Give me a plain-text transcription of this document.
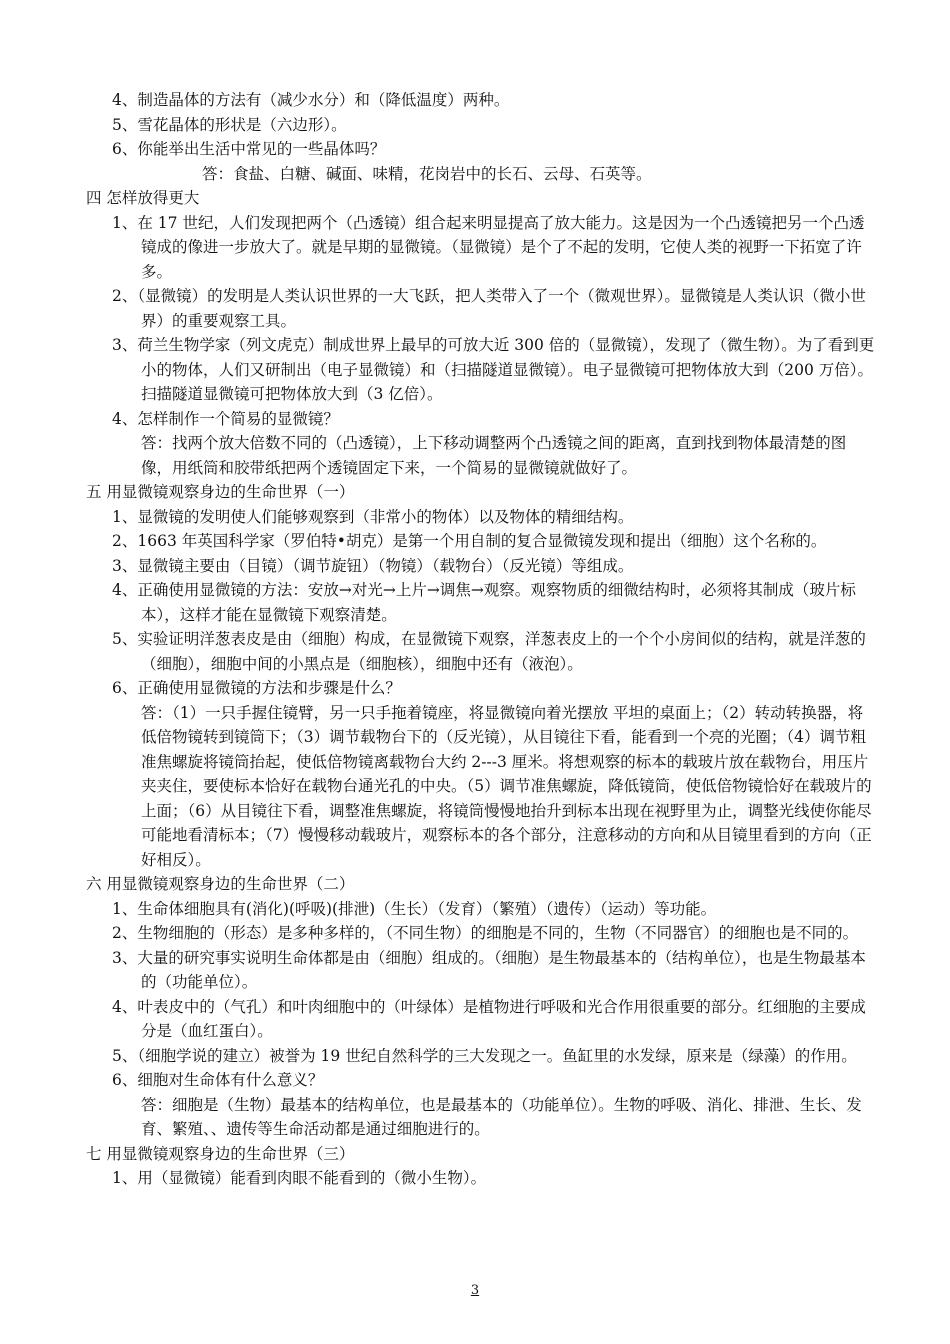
4、制造晶体的方法有（减少水分）和（降低温度）两种。
5、雪花晶体的形状是（六边形）。
6、你能举出生活中常见的一些晶体吗？
答：食盐、白糖、碱面、味精，花岗岩中的长石、云母、石英等。
四 怎样放得更大
1、在 17 世纪，人们发现把两个（凸透镜）组合起来明显提高了放大能力。这是因为一个凸透镜把另一个凸透镜成的像进一步放大了。就是早期的显微镜。（显微镜）是个了不起的发明，它使人类的视野一下拓宽了许多。
2、（显微镜）的发明是人类认识世界的一大飞跃，把人类带入了一个（微观世界）。显微镜是人类认识（微小世界）的重要观察工具。
3、荷兰生物学家（列文虎克）制成世界上最早的可放大近 300 倍的（显微镜），发现了（微生物）。为了看到更小的物体，人们又研制出（电子显微镜）和（扫描隧道显微镜）。电子显微镜可把物体放大到（200 万倍）。扫描隧道显微镜可把物体放大到（3 亿倍）。
4、怎样制作一个简易的显微镜？
答：找两个放大倍数不同的（凸透镜），上下移动调整两个凸透镜之间的距离，直到找到物体最清楚的图像，用纸筒和胶带纸把两个透镜固定下来，一个简易的显微镜就做好了。
五 用显微镜观察身边的生命世界（一）
1、显微镜的发明使人们能够观察到（非常小的物体）以及物体的精细结构。
2、1663 年英国科学家（罗伯特•胡克）是第一个用自制的复合显微镜发现和提出（细胞）这个名称的。
3、显微镜主要由（目镜）（调节旋钮）（物镜）（载物台）（反光镜）等组成。
4、正确使用显微镜的方法：安放→对光→上片→调焦→观察。观察物质的细微结构时，必须将其制成（玻片标本），这样才能在显微镜下观察清楚。
5、实验证明洋葱表皮是由（细胞）构成，在显微镜下观察，洋葱表皮上的一个个小房间似的结构，就是洋葱的（细胞），细胞中间的小黑点是（细胞核），细胞中还有（液泡）。
6、正确使用显微镜的方法和步骤是什么？
答：（1）一只手握住镜臂，另一只手拖着镜座，将显微镜向着光摆放 平坦的桌面上；（2）转动转换器，将低倍物镜转到镜筒下；（3）调节载物台下的（反光镜），从目镜往下看，能看到一个亮的光圈；（4）调节粗准焦螺旋将镜筒抬起，使低倍物镜离载物台大约 2---3 厘米。将想观察的标本的载玻片放在载物台，用压片夹夹住，要使标本恰好在载物台通光孔的中央。（5）调节准焦螺旋，降低镜筒，使低倍物镜恰好在载玻片的上面；（6）从目镜往下看，调整准焦螺旋，将镜筒慢慢地抬升到标本出现在视野里为止，调整光线使你能尽可能地看清标本；（7）慢慢移动载玻片，观察标本的各个部分，注意移动的方向和从目镜里看到的方向（正好相反）。
六 用显微镜观察身边的生命世界（二）
1、生命体细胞具有(消化)(呼吸)(排泄)（生长）（发育）（繁殖）（遗传）（运动）等功能。
2、生物细胞的（形态）是多种多样的，（不同生物）的细胞是不同的，生物（不同器官）的细胞也是不同的。
3、大量的研究事实说明生命体都是由（细胞）组成的。（细胞）是生物最基本的（结构单位），也是生物最基本的（功能单位）。
4、叶表皮中的（气孔）和叶肉细胞中的（叶绿体）是植物进行呼吸和光合作用很重要的部分。红细胞的主要成分是（血红蛋白）。
5、（细胞学说的建立）被誉为 19 世纪自然科学的三大发现之一。鱼缸里的水发绿，原来是（绿藻）的作用。
6、细胞对生命体有什么意义？
答：细胞是（生物）最基本的结构单位，也是最基本的（功能单位）。生物的呼吸、消化、排泄、生长、发育、繁殖、、遗传等生命活动都是通过细胞进行的。
七 用显微镜观察身边的生命世界（三）
1、用（显微镜）能看到肉眼不能看到的（微小生物）。
3
